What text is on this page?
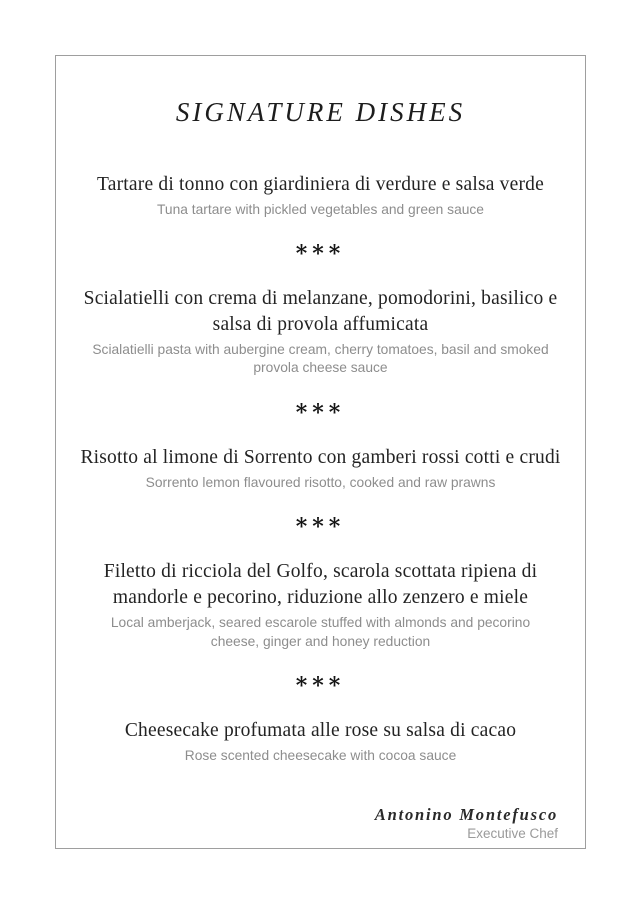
SIGNATURE DISHES
Tartare di tonno con giardiniera di verdure e salsa verde
Tuna tartare with pickled vegetables and green sauce
***
Scialatielli con crema di melanzane, pomodorini, basilico e salsa di provola affumicata
Scialatielli pasta with aubergine cream, cherry tomatoes, basil and smoked provola cheese sauce
***
Risotto al limone di Sorrento con gamberi rossi cotti e crudi
Sorrento lemon flavoured risotto, cooked and raw prawns
***
Filetto di ricciola del Golfo, scarola scottata ripiena di mandorle e pecorino, riduzione allo zenzero e miele
Local amberjack, seared escarole stuffed with almonds and pecorino cheese, ginger and honey reduction
***
Cheesecake profumata alle rose su salsa di cacao
Rose scented cheesecake with cocoa sauce
Antonino Montefusco
Executive Chef
